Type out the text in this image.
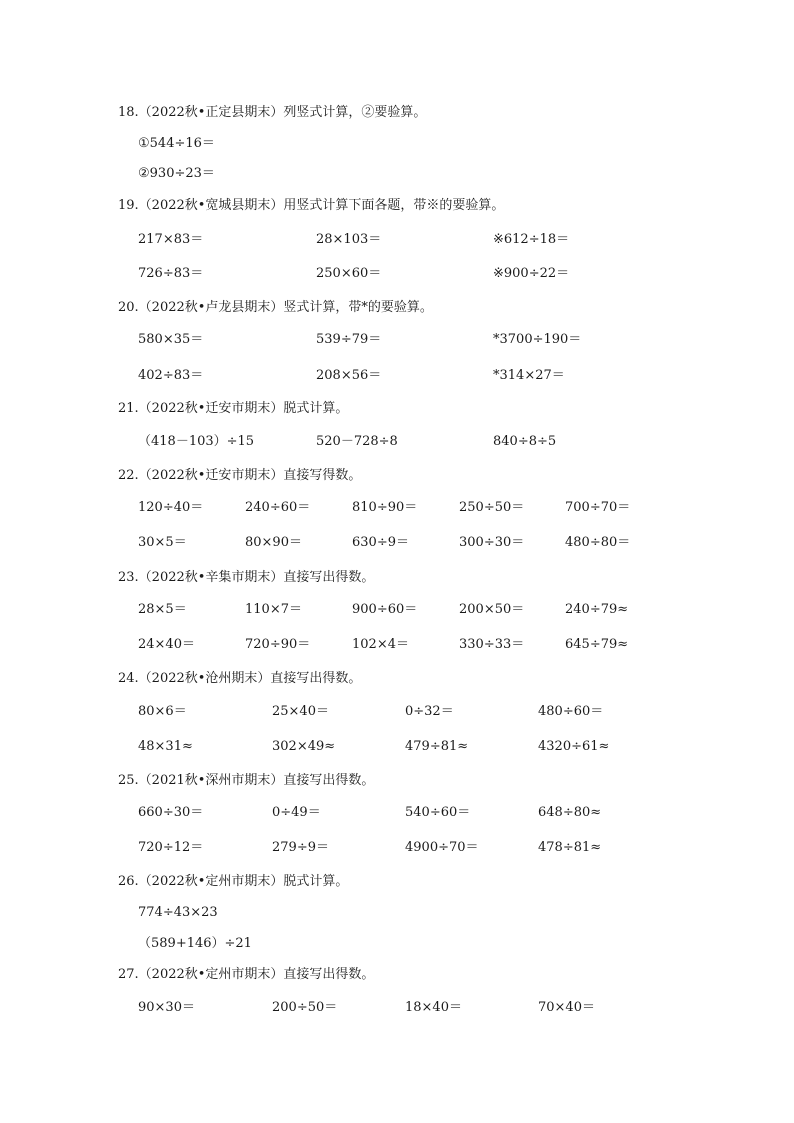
18.（2022秋•正定县期末）列竖式计算，②要验算。
①544÷16＝
②930÷23＝
19.（2022秋•宽城县期末）用竖式计算下面各题，带※的要验算。
217×83＝	28×103＝	※612÷18＝
726÷83＝	250×60＝	※900÷22＝
20.（2022秋•卢龙县期末）竖式计算，带*的要验算。
580×35＝	539÷79＝	*3700÷190＝
402÷83＝	208×56＝	*314×27＝
21.（2022秋•迁安市期末）脱式计算。
（418－103）÷15	520－728÷8	840÷8÷5
22.（2022秋•迁安市期末）直接写得数。
120÷40＝	240÷60＝	810÷90＝	250÷50＝	700÷70＝
30×5＝	80×90＝	630÷9＝	300÷30＝	480÷80＝
23.（2022秋•辛集市期末）直接写出得数。
28×5＝	110×7＝	900÷60＝	200×50＝	240÷79≈
24×40＝	720÷90＝	102×4＝	330÷33＝	645÷79≈
24.（2022秋•沧州期末）直接写出得数。
80×6＝	25×40＝	0÷32＝	480÷60＝
48×31≈	302×49≈	479÷81≈	4320÷61≈
25.（2021秋•深州市期末）直接写出得数。
660÷30＝	0÷49＝	540÷60＝	648÷80≈
720÷12＝	279÷9＝	4900÷70＝	478÷81≈
26.（2022秋•定州市期末）脱式计算。
774÷43×23
（589+146）÷21
27.（2022秋•定州市期末）直接写出得数。
90×30＝	200÷50＝	18×40＝	70×40＝
